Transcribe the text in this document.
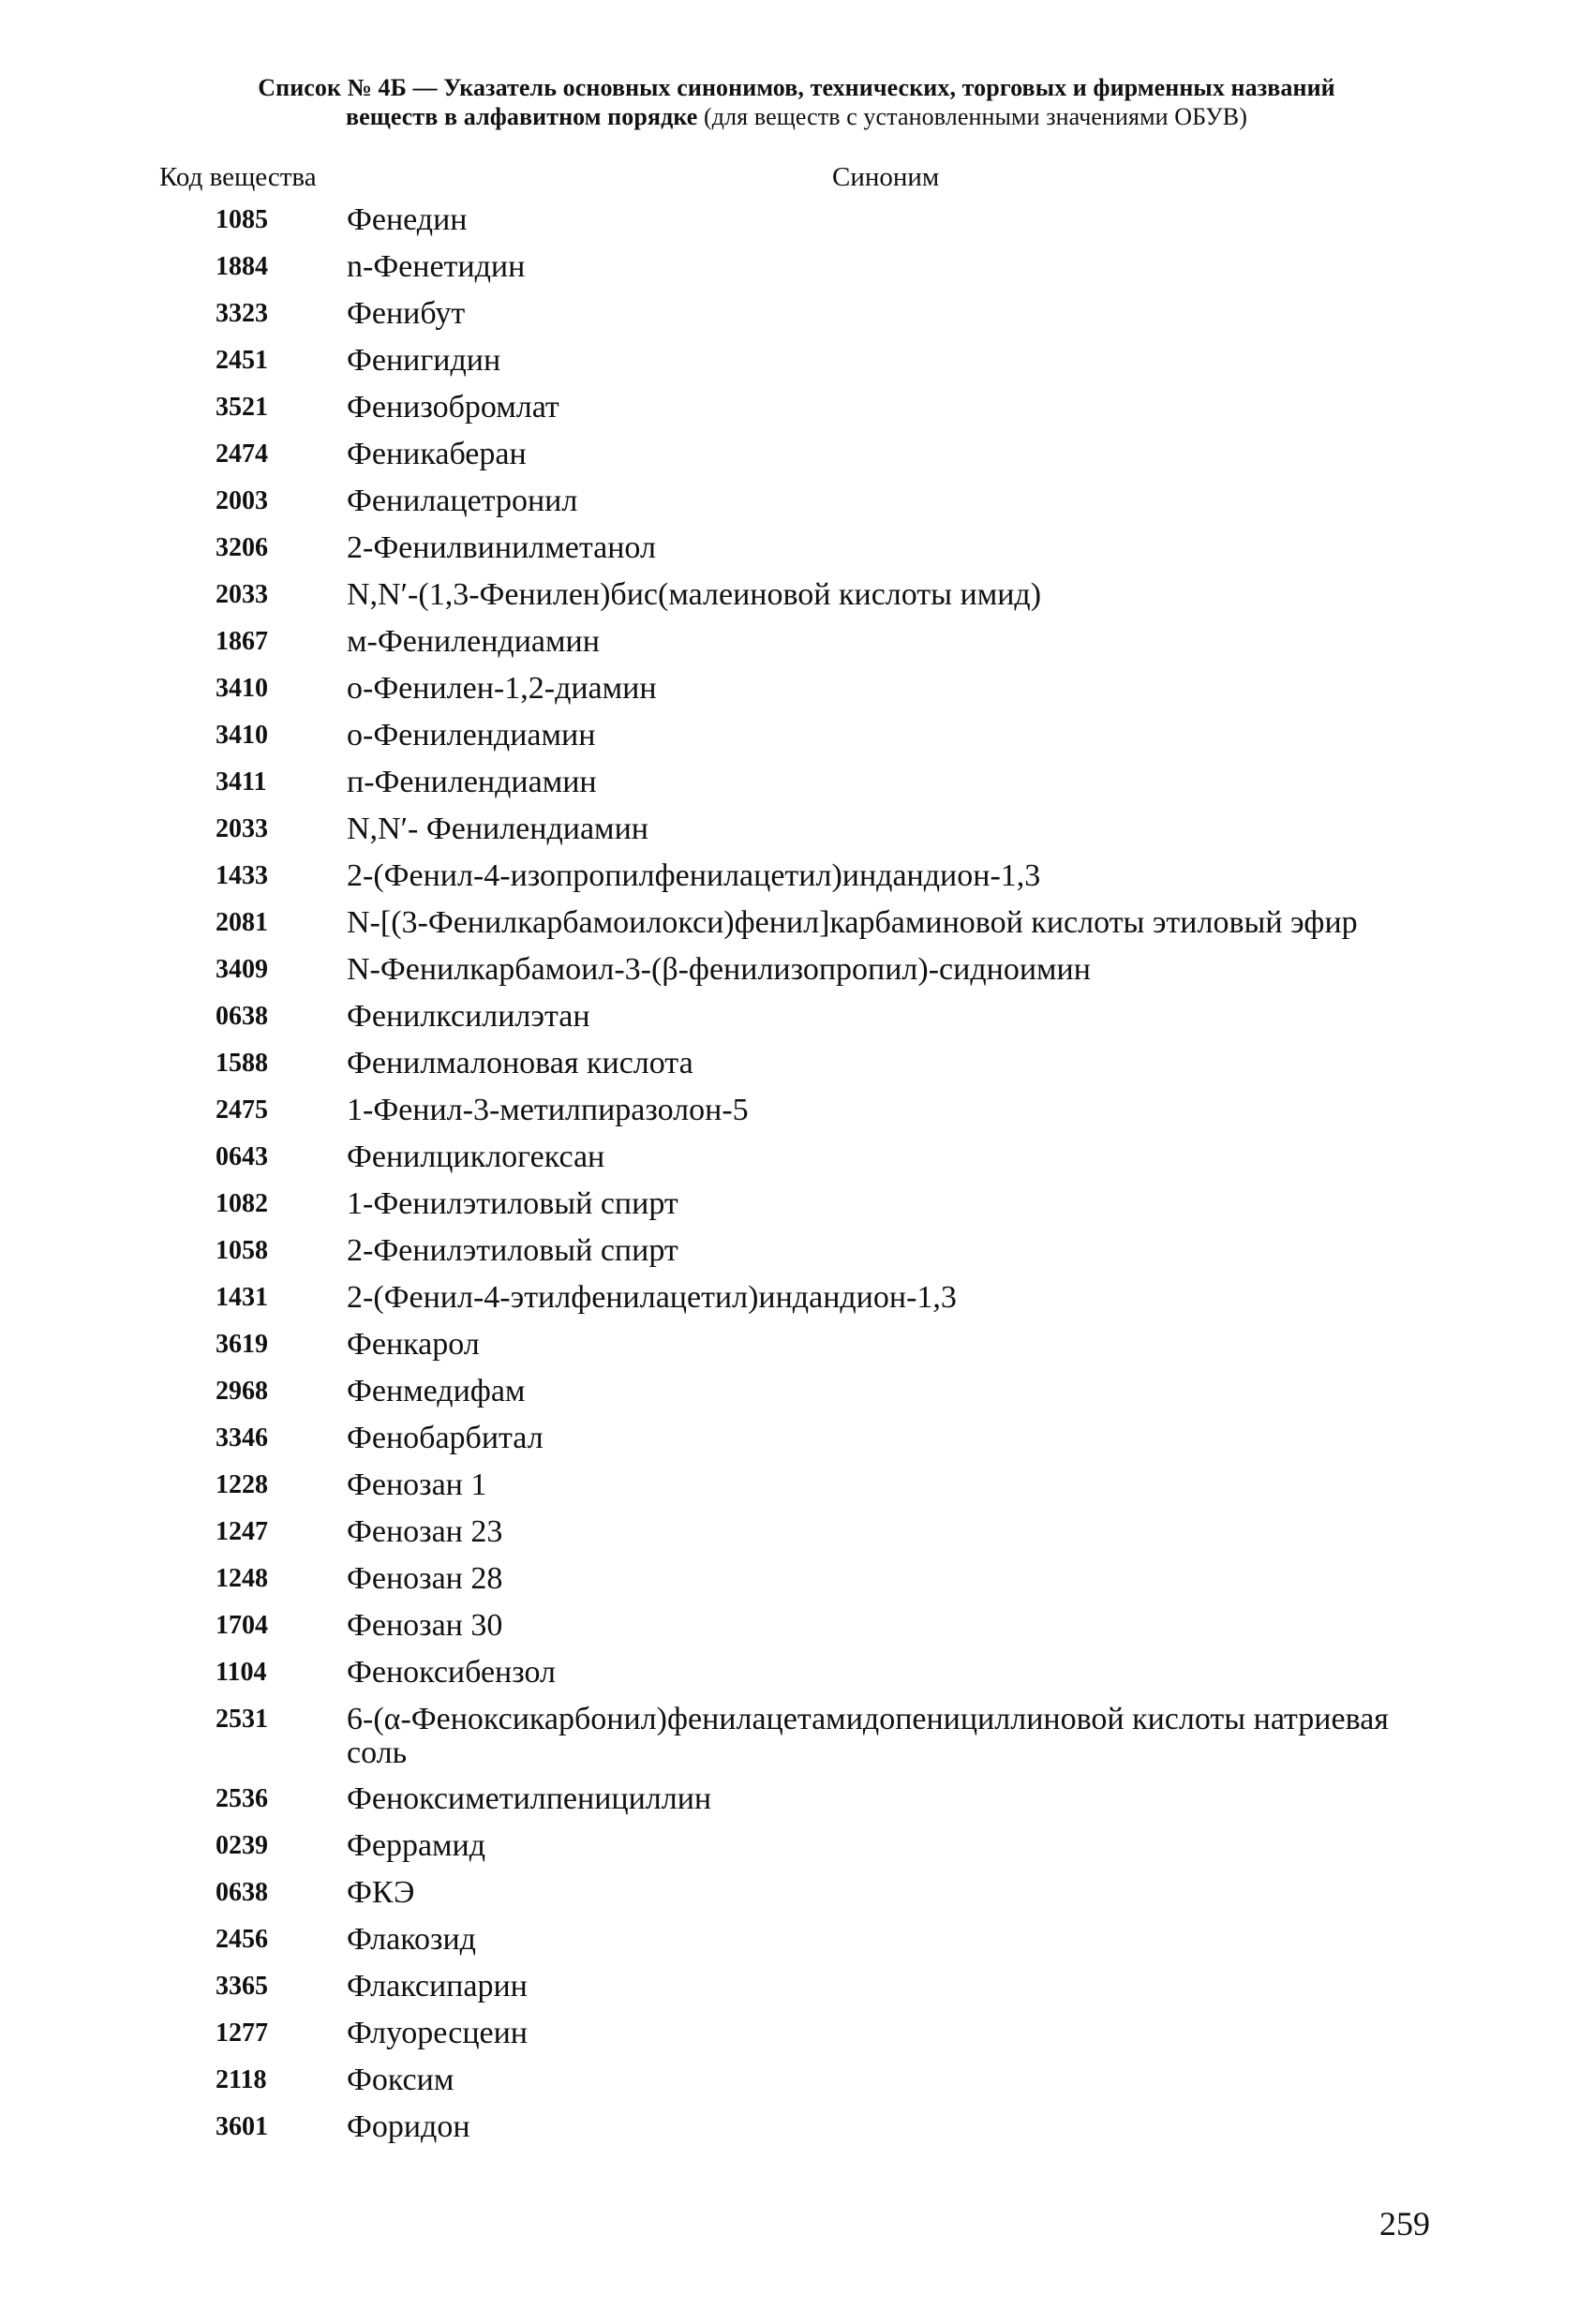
Список № 4Б — Указатель основных синонимов, технических, торговых и фирменных названий
веществ в алфавитном порядке (для веществ с установленными значениями ОБУВ)
Код вещества	Синоним
1085 Фенедин
1884 n-Фенетидин
3323 Фенибут
2451 Фенигидин
3521 Фенизобромлат
2474 Феникаберан
2003 Фенилацетронил
3206 2-Фенилвинилметанол
2033 N,N′-(1,3-Фенилен)бис(малеиновой кислоты имид)
1867 м-Фенилендиамин
3410 о-Фенилен-1,2-диамин
3410 о-Фенилендиамин
3411	п-Фенилендиамин
2033 N,N′- Фенилендиамин
1433 2-(Фенил-4-изопропилфенилацетил)индандион-1,3
2081 N-[(3-Фенилкарбамоилокси)фенил]карбаминовой кислоты этиловый эфир
3409 N-Фенилкарбамоил-3-(β-фенилизопропил)-сидноимин
0638 Фенилксилилэтан
1588 Фенилмалоновая кислота
2475 1-Фенил-3-метилпиразолон-5
0643 Фенилциклогексан
1082 1-Фенилэтиловый спирт
1058 2-Фенилэтиловый спирт
1431 2-(Фенил-4-этилфенилацетил)индандион-1,3
3619 Фенкарол
2968 Фенмедифам
3346 Фенобарбитал
1228 Фенозан 1
1247 Фенозан 23
1248 Фенозан 28
1704 Фенозан 30
1104	Феноксибензол
2531 6-(α-Феноксикарбонил)фенилацетамидопенициллиновой кислоты натриевая соль
2536 Феноксиметилпенициллин
0239 Феррамид
0638 ФКЭ
2456 Флакозид
3365 Флаксипарин
1277 Флуоресцеин
2118	Фоксим
3601 Форидон
259
